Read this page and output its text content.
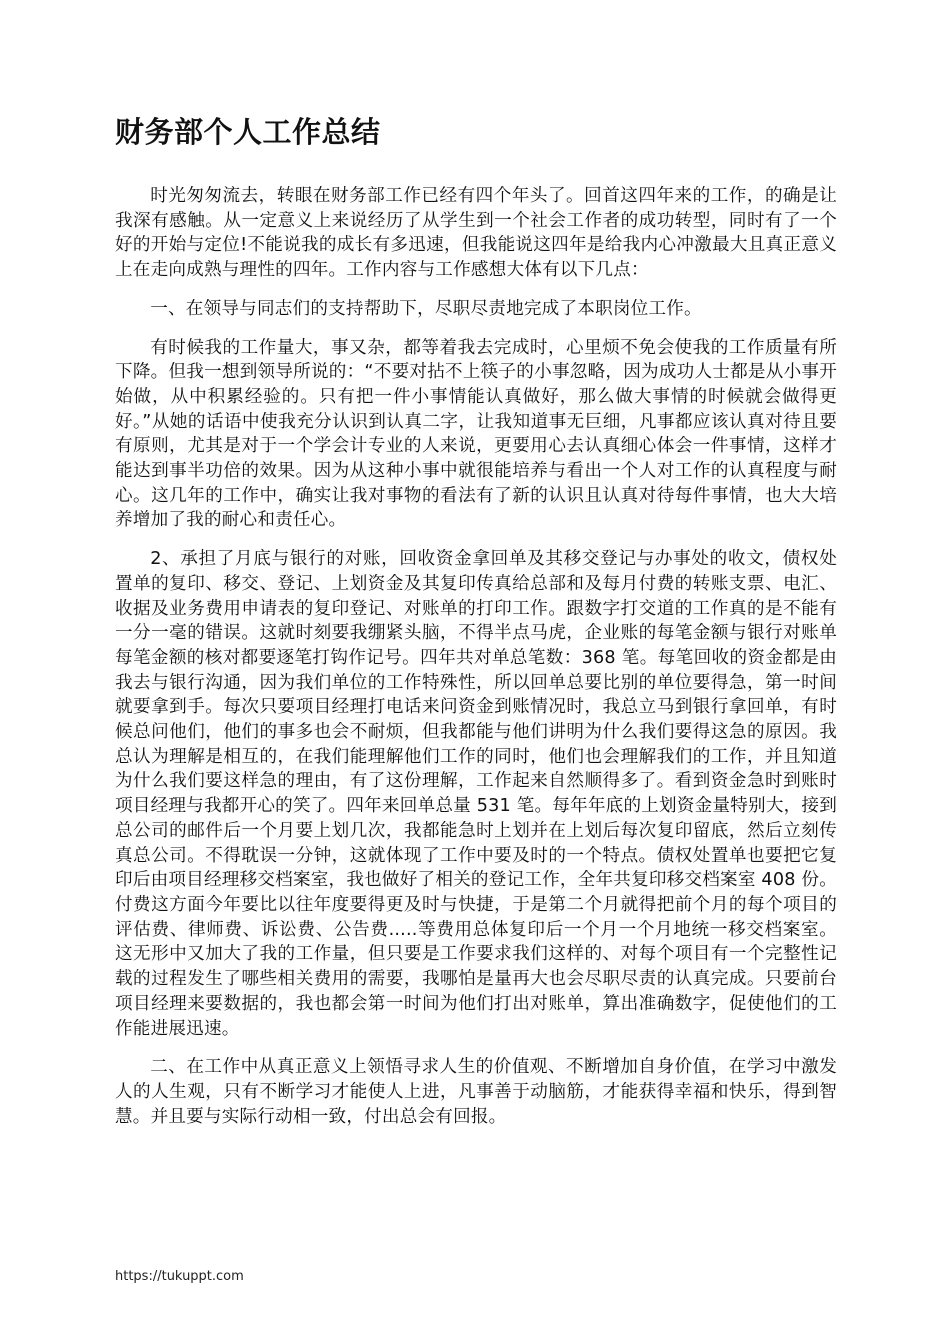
财务部个人工作总结

时光匆匆流去，转眼在财务部工作已经有四个年头了。回首这四年来的工作，的确是让我深有感触。从一定意义上来说经历了从学生到一个社会工作者的成功转型，同时有了一个好的开始与定位!不能说我的成长有多迅速，但我能说这四年是给我内心冲激最大且真正意义上在走向成熟与理性的四年。工作内容与工作感想大体有以下几点：

一、在领导与同志们的支持帮助下，尽职尽责地完成了本职岗位工作。

有时候我的工作量大，事又杂，都等着我去完成时，心里烦不免会使我的工作质量有所下降。但我一想到领导所说的：“不要对拈不上筷子的小事忽略，因为成功人士都是从小事开始做，从中积累经验的。只有把一件小事情能认真做好，那么做大事情的时候就会做得更好。”从她的话语中使我充分认识到认真二字，让我知道事无巨细，凡事都应该认真对待且要有原则，尤其是对于一个学会计专业的人来说，更要用心去认真细心体会一件事情，这样才能达到事半功倍的效果。因为从这种小事中就很能培养与看出一个人对工作的认真程度与耐心。这几年的工作中，确实让我对事物的看法有了新的认识且认真对待每件事情，也大大培养增加了我的耐心和责任心。

2、承担了月底与银行的对账，回收资金拿回单及其移交登记与办事处的收文，债权处置单的复印、移交、登记、上划资金及其复印传真给总部和及每月付费的转账支票、电汇、收据及业务费用申请表的复印登记、对账单的打印工作。跟数字打交道的工作真的是不能有一分一毫的错误。这就时刻要我绷紧头脑，不得半点马虎，企业账的每笔金额与银行对账单每笔金额的核对都要逐笔打钩作记号。四年共对单总笔数：368 笔。每笔回收的资金都是由我去与银行沟通，因为我们单位的工作特殊性，所以回单总要比别的单位要得急，第一时间就要拿到手。每次只要项目经理打电话来问资金到账情况时，我总立马到银行拿回单，有时候总问他们，他们的事多也会不耐烦，但我都能与他们讲明为什么我们要得这急的原因。我总认为理解是相互的，在我们能理解他们工作的同时，他们也会理解我们的工作，并且知道为什么我们要这样急的理由，有了这份理解，工作起来自然顺得多了。看到资金急时到账时项目经理与我都开心的笑了。四年来回单总量 531 笔。每年年底的上划资金量特别大，接到总公司的邮件后一个月要上划几次，我都能急时上划并在上划后每次复印留底，然后立刻传真总公司。不得耽误一分钟，这就体现了工作中要及时的一个特点。债权处置单也要把它复印后由项目经理移交档案室，我也做好了相关的登记工作，全年共复印移交档案室 408 份。付费这方面今年要比以往年度要得更及时与快捷，于是第二个月就得把前个月的每个项目的评估费、律师费、诉讼费、公告费.....等费用总体复印后一个月一个月地统一移交档案室。这无形中又加大了我的工作量，但只要是工作要求我们这样的、对每个项目有一个完整性记载的过程发生了哪些相关费用的需要，我哪怕是量再大也会尽职尽责的认真完成。只要前台项目经理来要数据的，我也都会第一时间为他们打出对账单，算出准确数字，促使他们的工作能进展迅速。

二、在工作中从真正意义上领悟寻求人生的价值观、不断增加自身价值，在学习中激发人的人生观，只有不断学习才能使人上进，凡事善于动脑筋，才能获得幸福和快乐，得到智慧。并且要与实际行动相一致，付出总会有回报。

https://tukuppt.com
